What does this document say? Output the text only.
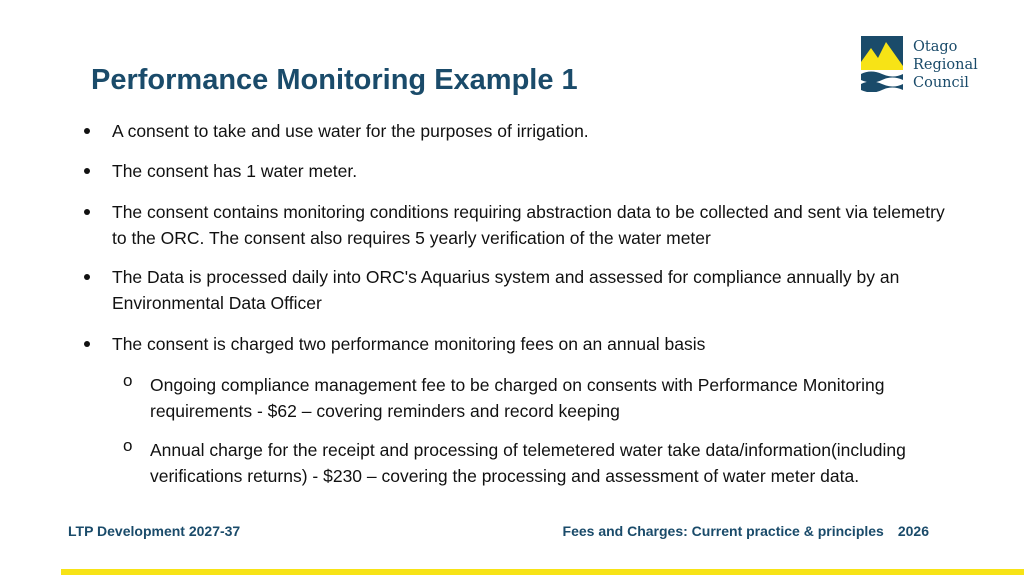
Performance Monitoring Example 1
Otago
Regional
Council
A consent to take and use water for the purposes of irrigation.
The consent has 1 water meter.
The consent contains monitoring conditions requiring abstraction data to be collected and sent via telemetry to the ORC. The consent also requires 5 yearly verification of the water meter
The Data is processed daily into ORC's Aquarius system and assessed for compliance annually by an Environmental Data Officer
The consent is charged two performance monitoring fees on an annual basis
o Ongoing compliance management fee to be charged on consents with Performance Monitoring requirements - $62 – covering reminders and record keeping
o Annual charge for the receipt and processing of telemetered water take data/information(including verifications returns) - $230 – covering the processing and assessment of water meter data.
LTP Development 2027-37	Fees and Charges: Current practice & principles 2026
